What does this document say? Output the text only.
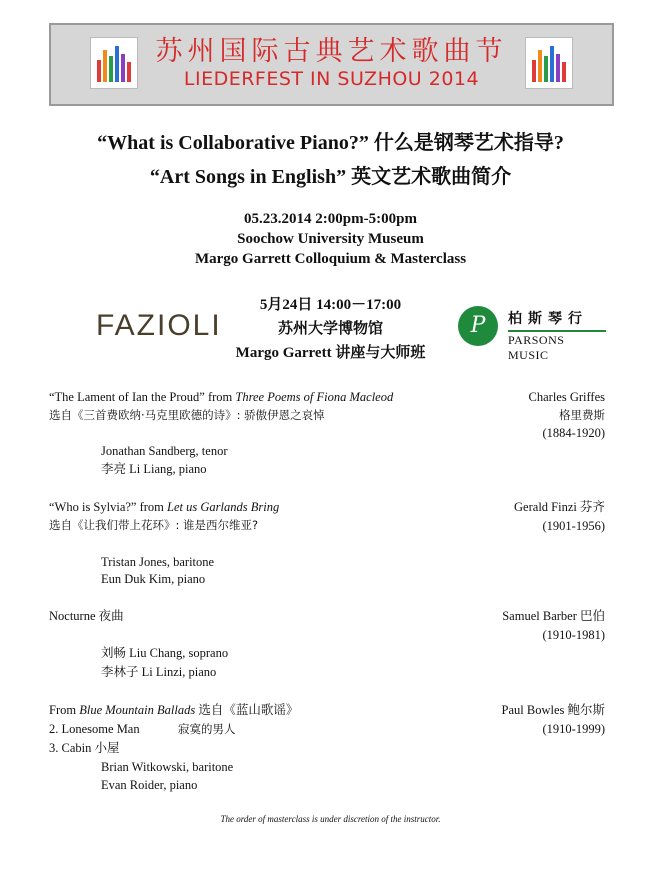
苏州国际古典艺术歌曲节
LIEDERFEST IN SUZHOU 2014
“What is Collaborative Piano?” 什么是钢琴艺术指导?
“Art Songs in English” 英文艺术歌曲简介
05.23.2014 2:00pm-5:00pm
Soochow University Museum
Margo Garrett Colloquium & Masterclass
5月24日 14:00－17:00
苏州大学博物馆
Margo Garrett 讲座与大师班
FAZIOLI	P	柏斯琴行
PARSONS MUSIC
“The Lament of Ian the Proud” from Three Poems of Fiona Macleod
选自《三首费欧纳·马克里欧德的诗》: 骄傲伊恩之哀悼
Charles Griffes
格里费斯
(1884-1920)
Jonathan Sandberg, tenor
李亮 Li Liang, piano
“Who is Sylvia?” from Let us Garlands Bring
选自《让我们带上花环》: 谁是西尔维亚?
Gerald Finzi 芬齐
(1901-1956)
Tristan Jones, baritone
Eun Duk Kim, piano
Nocturne 夜曲	Samuel Barber 巴伯
(1910-1981)
刘畅 Liu Chang, soprano
李林子 Li Linzi, piano
From Blue Mountain Ballads 选自《蓝山歌谣》
2. Lonesome Man	寂寞的男人
3. Cabin 小屋
Paul Bowles 鲍尔斯
(1910-1999)
Brian Witkowski, baritone
Evan Roider, piano
The order of masterclass is under discretion of the instructor.
